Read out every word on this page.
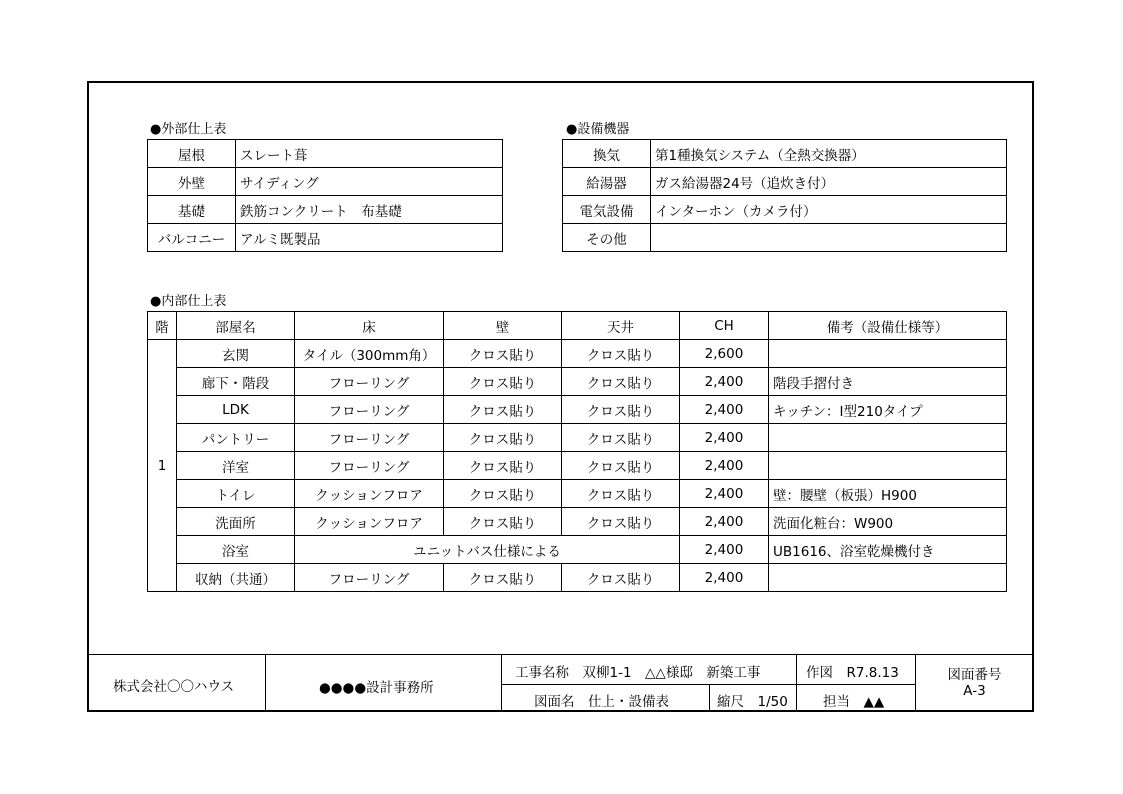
●外部仕上表
屋根	スレート葺
外壁	サイディング
基礎	鉄筋コンクリート　布基礎
バルコニー	アルミ既製品
●設備機器
換気	第1種換気システム（全熱交換器）
給湯器	ガス給湯器24号（追炊き付）
電気設備	インターホン（カメラ付）
その他	
●内部仕上表
階	部屋名	床	壁	天井	CH	備考（設備仕様等）
1	玄関	タイル（300mm角）	クロス貼り	クロス貼り	2,600	
	廊下・階段	フローリング	クロス貼り	クロス貼り	2,400	階段手摺付き
	LDK	フローリング	クロス貼り	クロス貼り	2,400	キッチン：I型210タイプ
	パントリー	フローリング	クロス貼り	クロス貼り	2,400	
	洋室	フローリング	クロス貼り	クロス貼り	2,400	
	トイレ	クッションフロア	クロス貼り	クロス貼り	2,400	壁：腰壁（板張）H900
	洗面所	クッションフロア	クロス貼り	クロス貼り	2,400	洗面化粧台：W900
	浴室	ユニットバス仕様による			2,400	UB1616、浴室乾燥機付き
	収納（共通）	フローリング	クロス貼り	クロス貼り	2,400	
株式会社〇〇ハウス	●●●●設計事務所
工事名称　双柳1-1　△△様邸　新築工事	作図　R7.8.13
図面名　仕上・設備表	縮尺　1/50	担当　▲▲
図面番号
A-3
